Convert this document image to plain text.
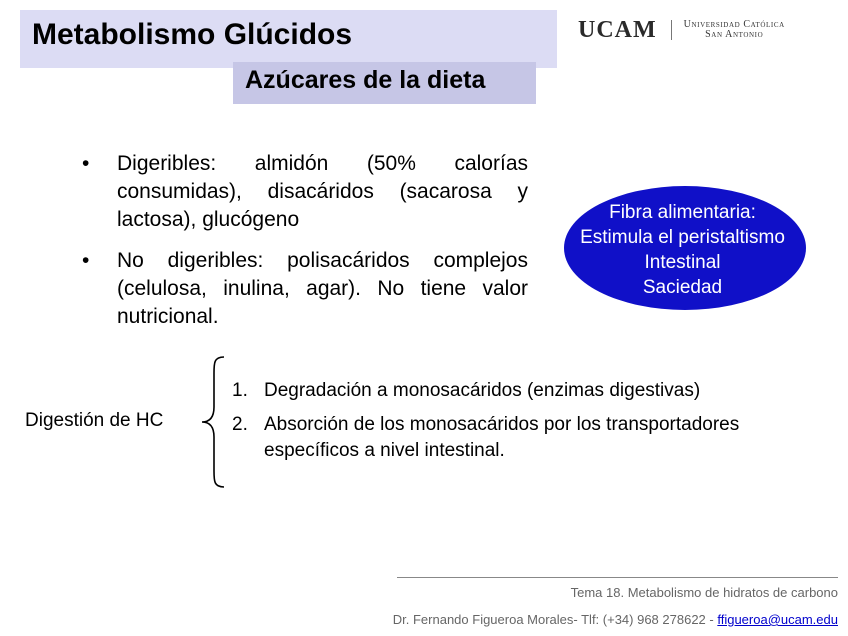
Metabolismo Glúcidos
Azúcares de la dieta
UCAM	Universidad Católica
San Antonio
• Digeribles: almidón (50% calorías consumidas), disacáridos (sacarosa y lactosa), glucógeno
• No digeribles: polisacáridos complejos (celulosa, inulina, agar). No tiene valor nutricional.
Fibra alimentaria:
Estimula el peristaltismo
Intestinal
Saciedad
Digestión de HC
1. Degradación a monosacáridos (enzimas digestivas)
2. Absorción de los monosacáridos por los transportadores específicos a nivel intestinal.
Tema 18. Metabolismo de hidratos de carbono
Dr. Fernando Figueroa Morales- Tlf: (+34) 968 278622 - ffigueroa@ucam.edu
